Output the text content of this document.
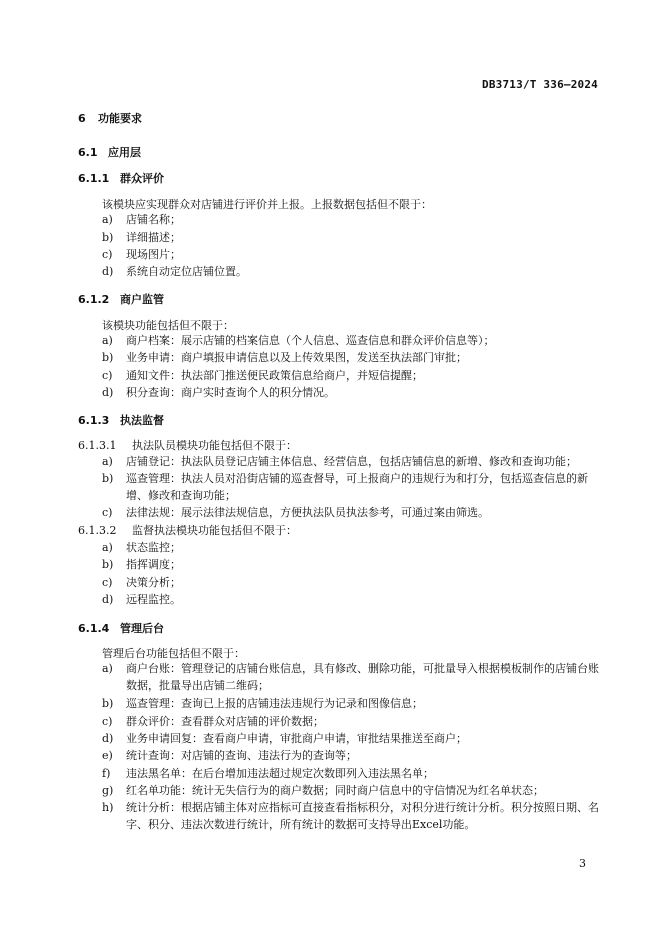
DB3713/T 336—2024
6 功能要求
6.1 应用层
6.1.1 群众评价
该模块应实现群众对店铺进行评价并上报。上报数据包括但不限于：
a) 店铺名称；
b) 详细描述；
c) 现场图片；
d) 系统自动定位店铺位置。
6.1.2 商户监管
该模块功能包括但不限于：
a) 商户档案：展示店铺的档案信息（个人信息、巡查信息和群众评价信息等）；
b) 业务申请：商户填报申请信息以及上传效果图，发送至执法部门审批；
c) 通知文件：执法部门推送便民政策信息给商户，并短信提醒；
d) 积分查询：商户实时查询个人的积分情况。
6.1.3 执法监督
6.1.3.1 执法队员模块功能包括但不限于：
a) 店铺登记：执法队员登记店铺主体信息、经营信息，包括店铺信息的新增、修改和查询功能；
b) 巡查管理：执法人员对沿街店铺的巡查督导，可上报商户的违规行为和打分，包括巡查信息的新增、修改和查询功能；
c) 法律法规：展示法律法规信息，方便执法队员执法参考，可通过案由筛选。
6.1.3.2 监督执法模块功能包括但不限于：
a) 状态监控；
b) 指挥调度；
c) 决策分析；
d) 远程监控。
6.1.4 管理后台
管理后台功能包括但不限于：
a) 商户台账：管理登记的店铺台账信息，具有修改、删除功能，可批量导入根据模板制作的店铺台账数据，批量导出店铺二维码；
b) 巡查管理：查询已上报的店铺违法违规行为记录和图像信息；
c) 群众评价：查看群众对店铺的评价数据；
d) 业务申请回复：查看商户申请，审批商户申请，审批结果推送至商户；
e) 统计查询：对店铺的查询、违法行为的查询等；
f) 违法黑名单：在后台增加违法超过规定次数即列入违法黑名单；
g) 红名单功能：统计无失信行为的商户数据；同时商户信息中的守信情况为红名单状态；
h) 统计分析：根据店铺主体对应指标可直接查看指标积分，对积分进行统计分析。积分按照日期、名字、积分、违法次数进行统计，所有统计的数据可支持导出Excel功能。
3
